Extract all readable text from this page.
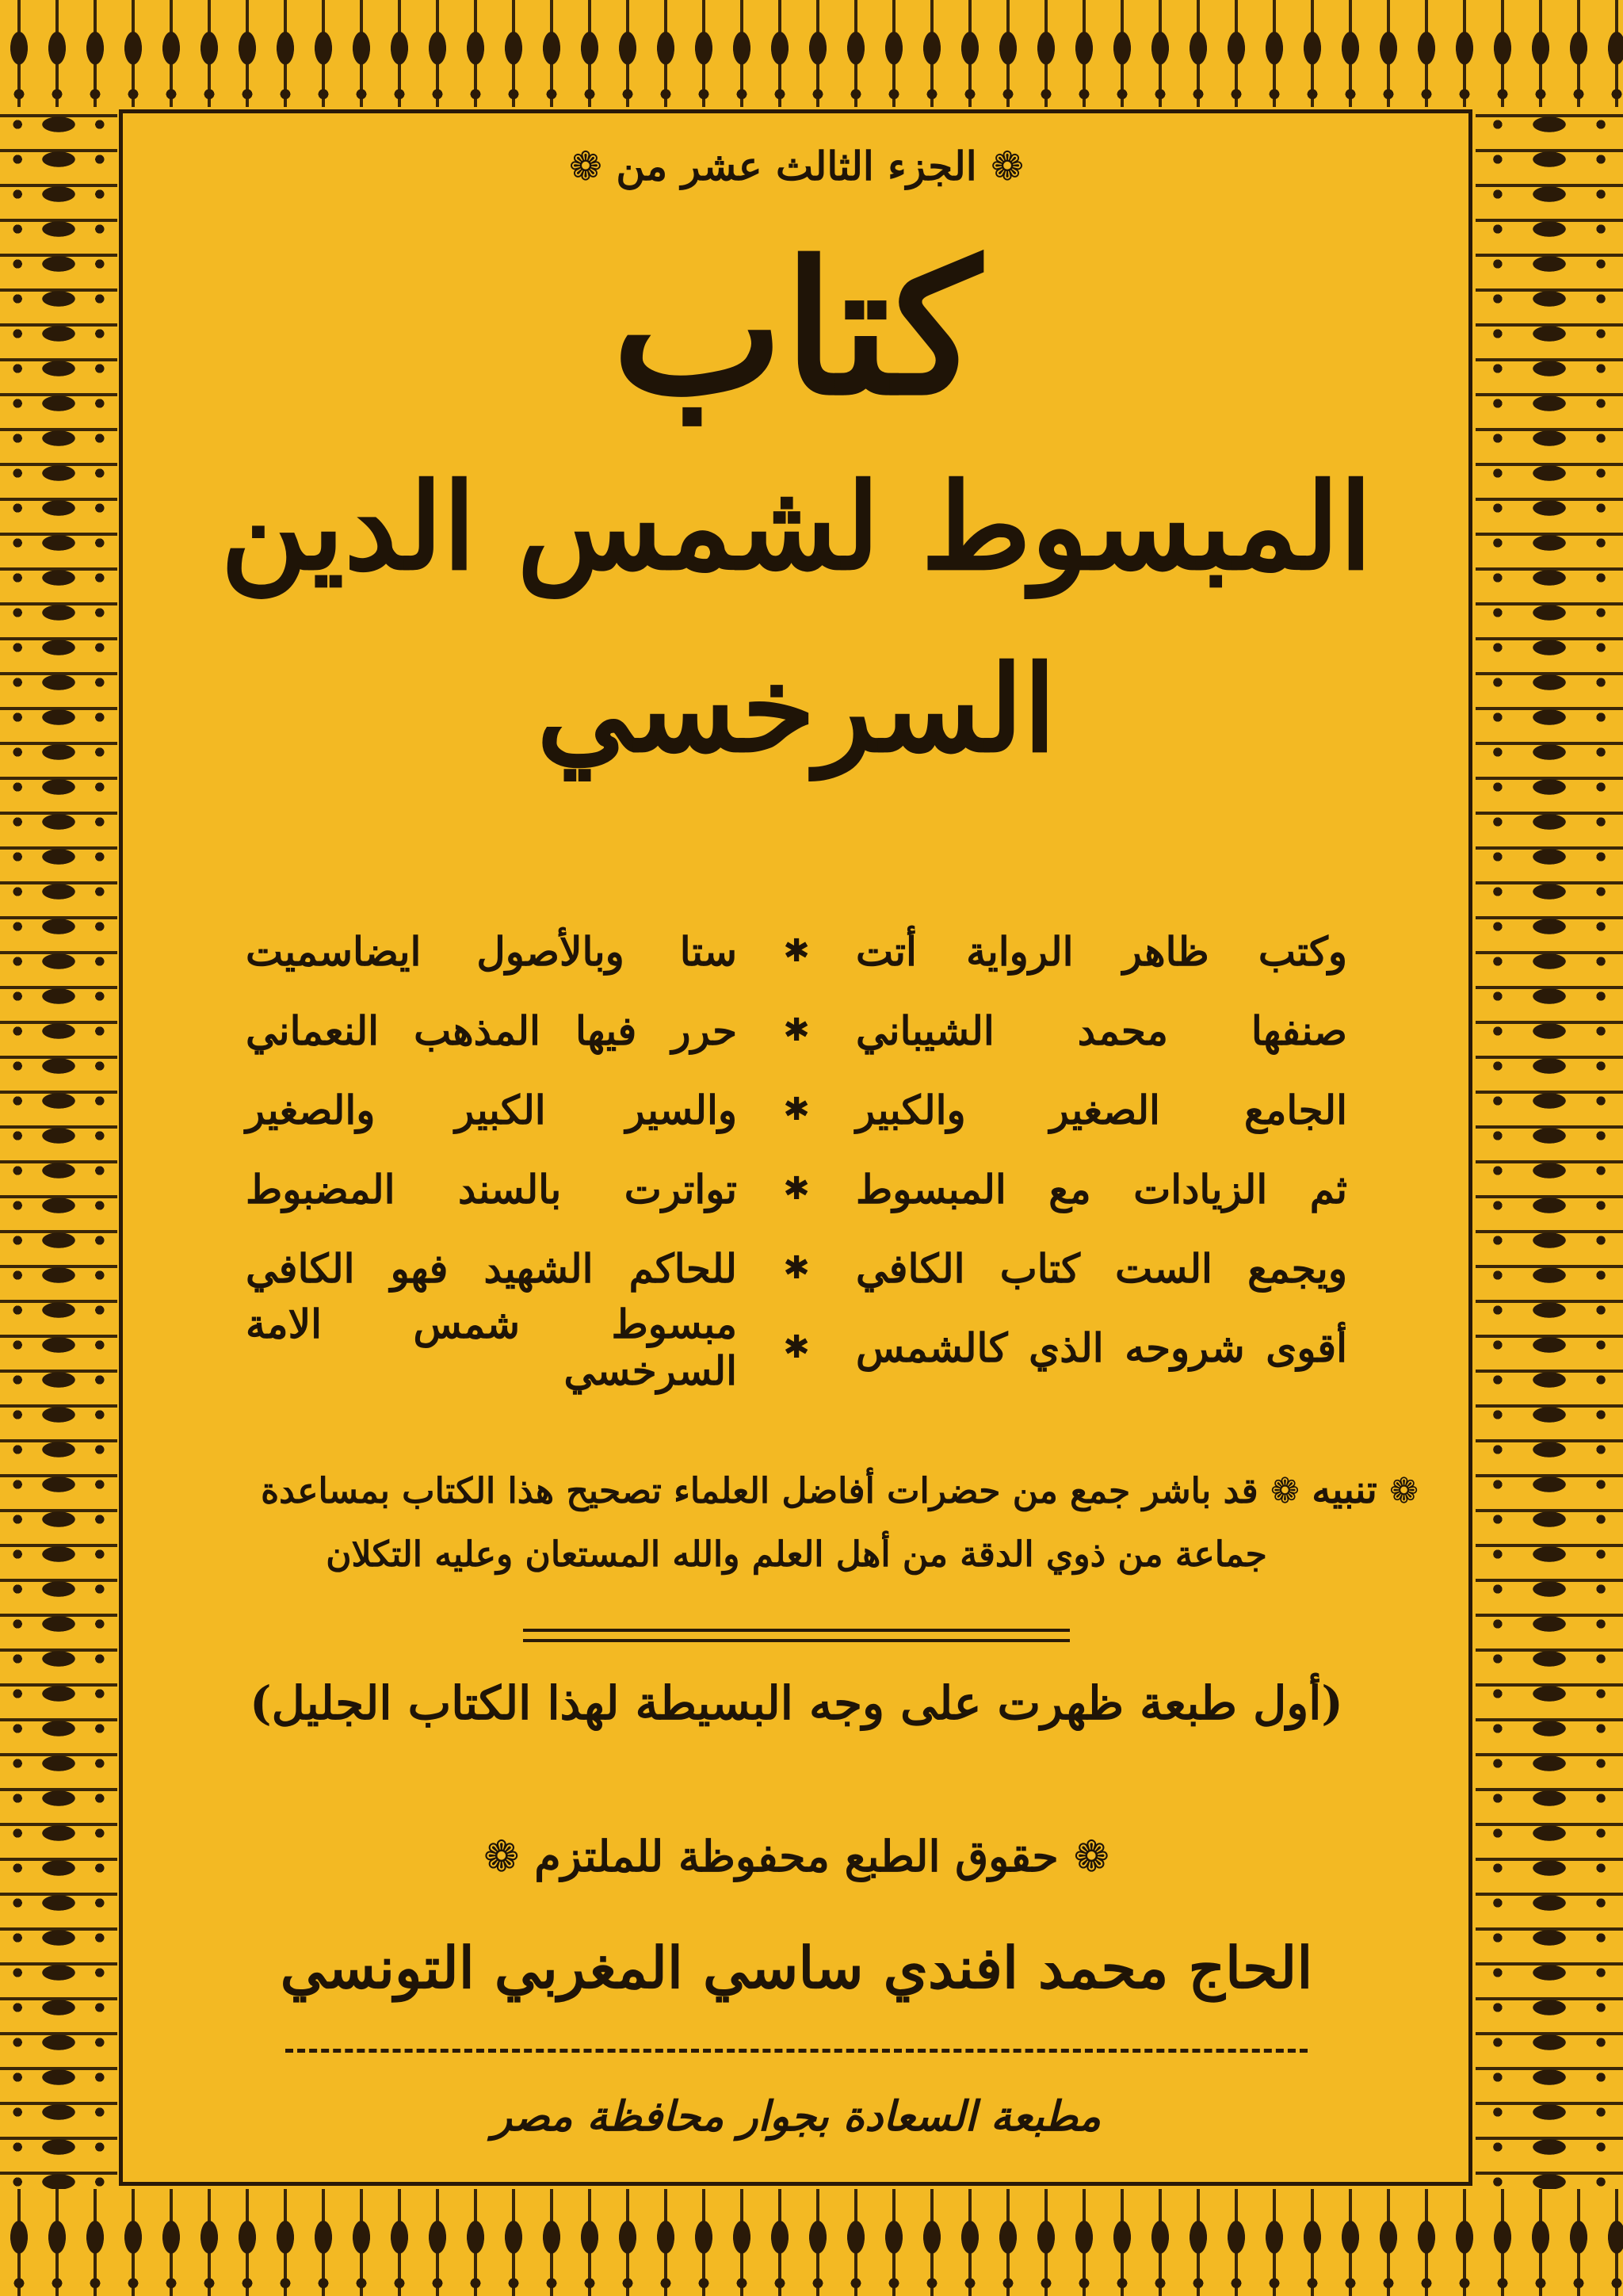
❁ الجزء الثالث عشر من ❁
كتاب
المبسوط لشمس الدين
السرخسي
وكتب ظاهر الرواية أتت
✱
ستا وبالأصول ايضاسميت
صنفها محمد الشيباني
✱
حرر فيها المذهب النعماني
الجامع الصغير والكبير
✱
والسير الكبير والصغير
ثم الزيادات مع المبسوط
✱
تواترت بالسند المضبوط
ويجمع الست كتاب الكافي
✱
للحاكم الشهيد فهو الكافي
أقوى شروحه الذي كالشمس
✱
مبسوط شمس الامة السرخسي
❁ تنبيه ❁ قد باشر جمع من حضرات أفاضل العلماء تصحيح هذا الكتاب بمساعدة
جماعة من ذوي الدقة من أهل العلم والله المستعان وعليه التكلان
(أول طبعة ظهرت على وجه البسيطة لهذا الكتاب الجليل)
❁ حقوق الطبع محفوظة للملتزم ❁
الحاج محمد افندي ساسي المغربي التونسي
مطبعة السعادة بجوار محافظة مصر
